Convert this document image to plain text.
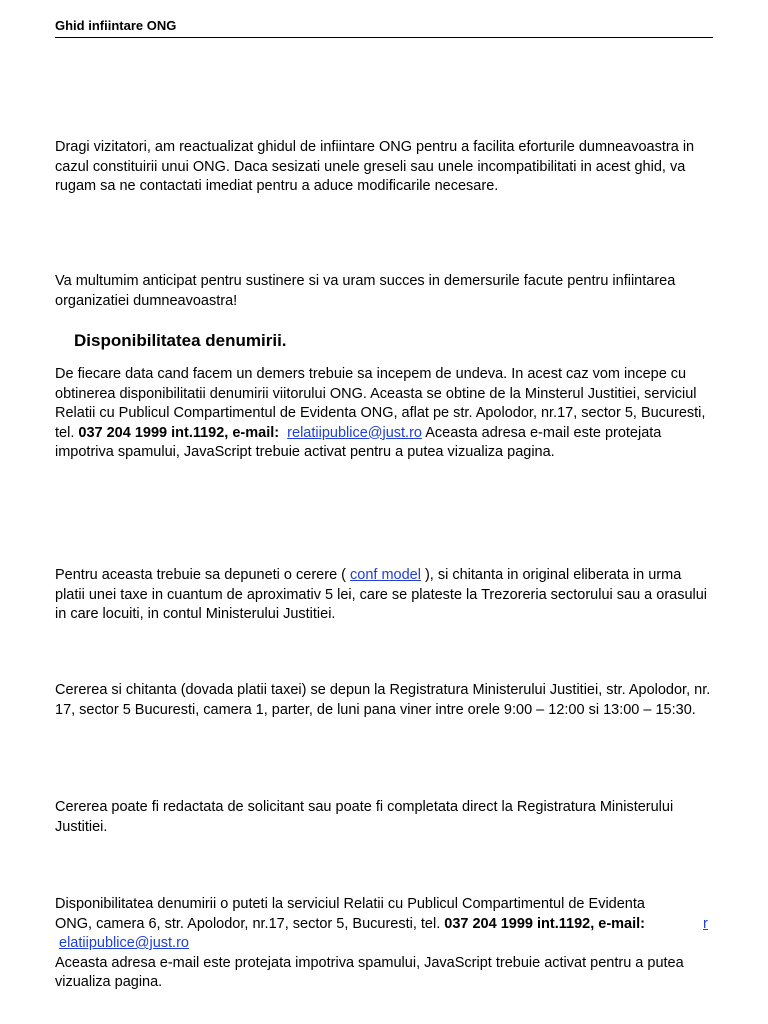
Ghid infiintare ONG

Dragi vizitatori, am reactualizat ghidul de infiintare ONG pentru a facilita eforturile dumneavoastra in cazul constituirii unui ONG. Daca sesizati unele greseli sau unele incompatibilitati in acest ghid, va rugam sa ne contactati imediat pentru a aduce modificarile necesare.

Va multumim anticipat pentru sustinere si va uram succes in demersurile facute pentru infiintarea organizatiei dumneavoastra!

Disponibilitatea denumirii.

De fiecare data cand facem un demers trebuie sa incepem de undeva. In acest caz vom incepe cu obtinerea disponibilitatii denumirii viitorului ONG. Aceasta se obtine de la Minsterul Justitiei, serviciul Relatii cu Publicul Compartimentul de Evidenta ONG, aflat pe str. Apolodor, nr.17, sector 5, Bucuresti, tel. 037 204 1999 int.1192, e-mail: relatiipublice@just.ro Aceasta adresa e-mail este protejata impotriva spamului, JavaScript trebuie activat pentru a putea vizualiza pagina.

Pentru aceasta trebuie sa depuneti o cerere ( conf model ), si chitanta in original eliberata in urma platii unei taxe in cuantum de aproximativ 5 lei, care se plateste la Trezoreria sectorului sau a orasului in care locuiti, in contul Ministerului Justitiei.

Cererea si chitanta (dovada platii taxei) se depun la Registratura Ministerului Justitiei, str. Apolodor, nr. 17, sector 5 Bucuresti, camera 1, parter, de luni pana viner intre orele 9:00 – 12:00 si 13:00 – 15:30.

Cererea poate fi redactata de solicitant sau poate fi completata direct la Registratura Ministerului Justitiei.

Disponibilitatea denumirii o puteti la serviciul Relatii cu Publicul Compartimentul de Evidenta
ONG, camera 6, str. Apolodor, nr.17, sector 5, Bucuresti, tel. 037 204 1999 int.1192, e-mail:
elatiipublice@just.ro
Aceasta adresa e-mail este protejata impotriva spamului, JavaScript trebuie activat pentru a putea vizualiza pagina.

r
